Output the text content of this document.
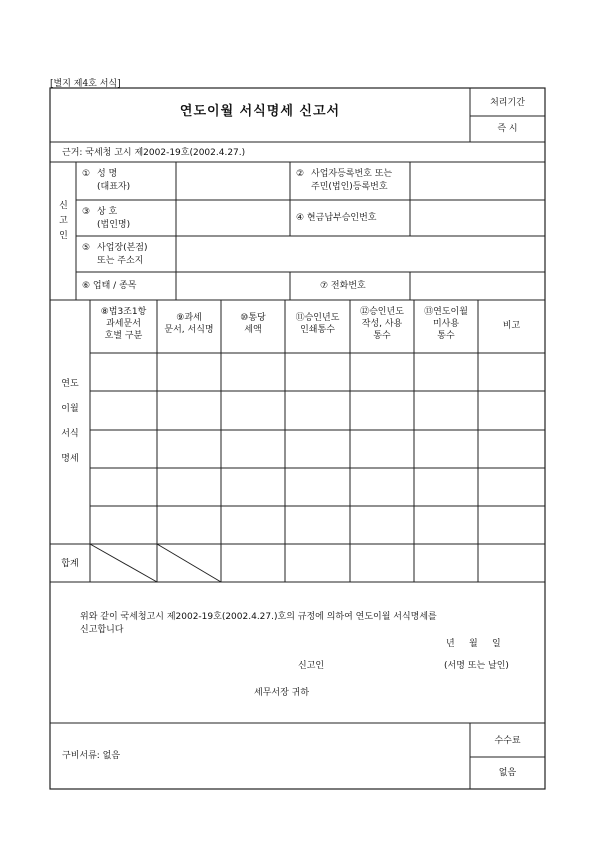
[별지 제4호 서식]
연도이월 서식명세 신고서
처리기간
즉 시
근거: 국세청 고시 제2002-19호(2002.4.27.)
신고인
① 성 명
(대표자)
② 사업자등록번호 또는
주민(법인)등록번호
③ 상 호
(법인명)
④ 현금납부승인번호
⑤ 사업장(본점)
또는 주소지
⑥ 업태 / 종목	⑦ 전화번호
⑧법3조1항
과세문서
호별 구분
⑨과세
문서, 서식명
⑩통당
세액
⑪승인년도
인쇄통수
⑫승인년도
작성, 사용
통수
⑬연도이월
미사용
통수
비고
연도
이월
서식
명세
합계
위와 같이 국세청고시 제2002-19호(2002.4.27.)호의 규정에 의하여 연도이월 서식명세를
신고합니다
년     월     일
신고인	(서명 또는 날인)
세무서장 귀하
구비서류: 없음
수수료
없음
